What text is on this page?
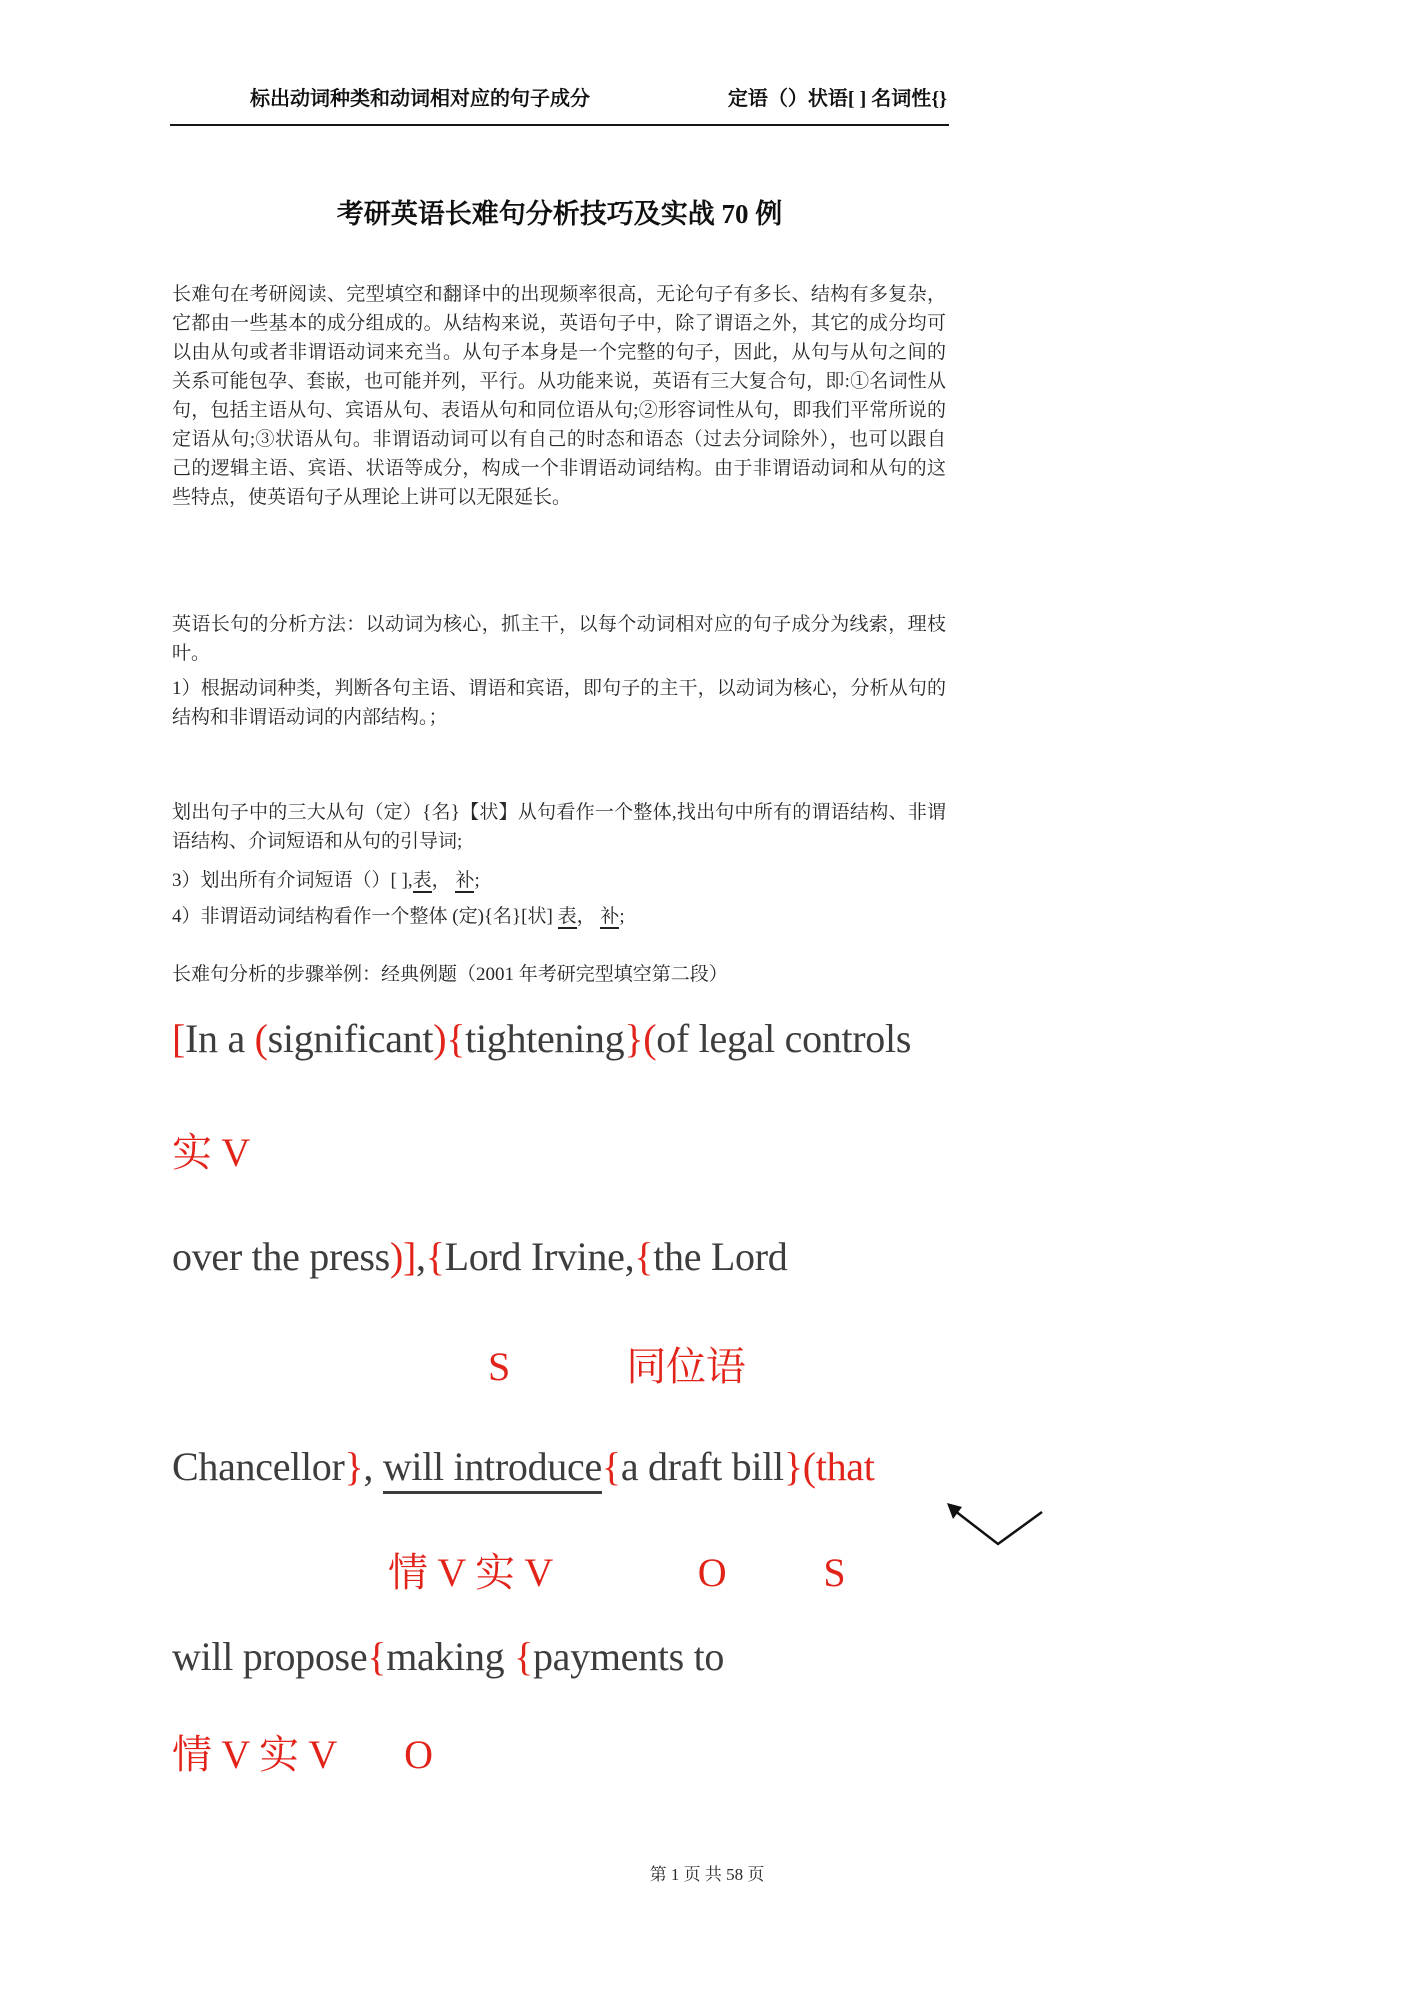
标出动词种类和动词相对应的句子成分	定语（）状语[ ] 名词性{}
考研英语长难句分析技巧及实战 70 例

长难句在考研阅读、完型填空和翻译中的出现频率很高，无论句子有多长、结构有多复杂，它都由一些基本的成分组成的。从结构来说，英语句子中，除了谓语之外，其它的成分均可以由从句或者非谓语动词来充当。从句子本身是一个完整的句子，因此，从句与从句之间的关系可能包孕、套嵌，也可能并列，平行。从功能来说，英语有三大复合句，即:①名词性从句，包括主语从句、宾语从句、表语从句和同位语从句;②形容词性从句，即我们平常所说的定语从句;③状语从句。非谓语动词可以有自己的时态和语态（过去分词除外），也可以跟自己的逻辑主语、宾语、状语等成分，构成一个非谓语动词结构。由于非谓语动词和从句的这些特点，使英语句子从理论上讲可以无限延长。

英语长句的分析方法：以动词为核心，抓主干，以每个动词相对应的句子成分为线索，理枝叶。

1）根据动词种类，判断各句主语、谓语和宾语，即句子的主干，以动词为核心，分析从句的结构和非谓语动词的内部结构。；

划出句子中的三大从句（定）{名}【状】从句看作一个整体,找出句中所有的谓语结构、非谓语结构、介词短语和从句的引导词;

3）划出所有介词短语（）[ ],表， 补;

4）非谓语动词结构看作一个整体 (定){名}[状] 表， 补;

长难句分析的步骤举例：经典例题（2001 年考研完型填空第二段）

[In a (significant){tightening}(of legal controls
实 V
over the press)],{Lord Irvine,{the Lord
S            同位语
Chancellor}, will introduce{a draft bill}(that
情 V 实 V               O          S
will propose{making {payments to
情 V 实 V       O
第 1 页 共 58 页
